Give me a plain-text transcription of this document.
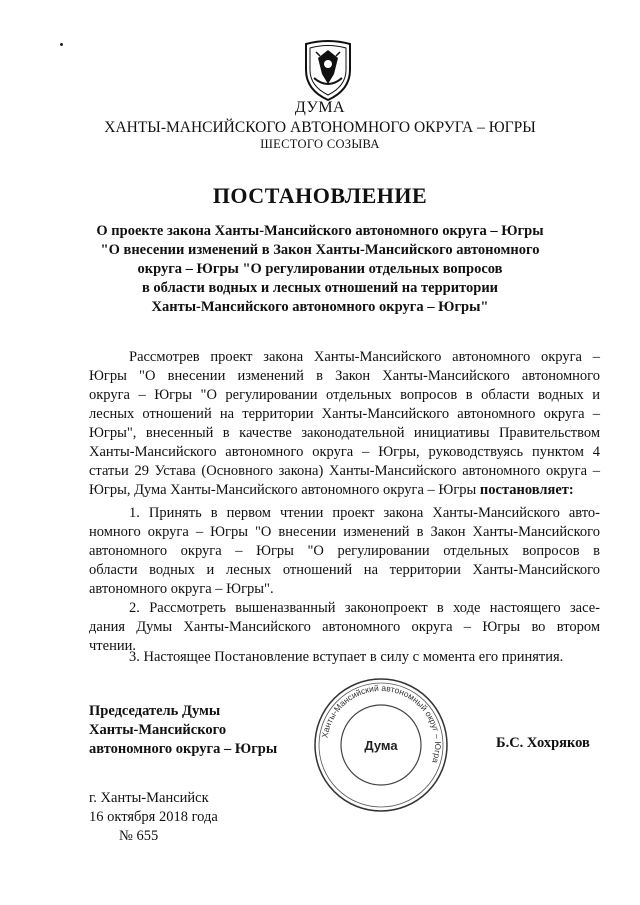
ДУМА
ХАНТЫ-МАНСИЙСКОГО АВТОНОМНОГО ОКРУГА – ЮГРЫ
ШЕСТОГО СОЗЫВА
ПОСТАНОВЛЕНИЕ
О проекте закона Ханты-Мансийского автономного округа – Югры
"О внесении изменений в Закон Ханты-Мансийского автономного
округа – Югры "О регулировании отдельных вопросов
в области водных и лесных отношений на территории
Ханты-Мансийского автономного округа – Югры"
Рассмотрев проект закона Ханты-Мансийского автономного округа –
Югры "О внесении изменений в Закон Ханты-Мансийского автономного
округа – Югры "О регулировании отдельных вопросов в области водных и
лесных отношений на территории Ханты-Мансийского автономного округа –
Югры", внесенный в качестве законодательной инициативы Правительством
Ханты-Мансийского автономного округа – Югры, руководствуясь пунктом 4
статьи 29 Устава (Основного закона) Ханты-Мансийского автономного округа –
Югры, Дума Ханты-Мансийского автономного округа – Югры постановляет:
1. Принять в первом чтении проект закона Ханты-Мансийского авто-
номного округа – Югры "О внесении изменений в Закон Ханты-Мансийского
автономного округа – Югры "О регулировании отдельных вопросов в
области водных и лесных отношений на территории Ханты-Мансийского
автономного округа – Югры".
2. Рассмотреть вышеназванный законопроект в ходе настоящего засе-
дания Думы Ханты-Мансийского автономного округа – Югры во втором
чтении.
3. Настоящее Постановление вступает в силу с момента его принятия.
Председатель Думы
Ханты-Мансийского
автономного округа – Югры
Ханты-Мансийский автономный округ – Югра
Дума	Б.С. Хохряков
г. Ханты-Мансийск
16 октября 2018 года
№ 655
